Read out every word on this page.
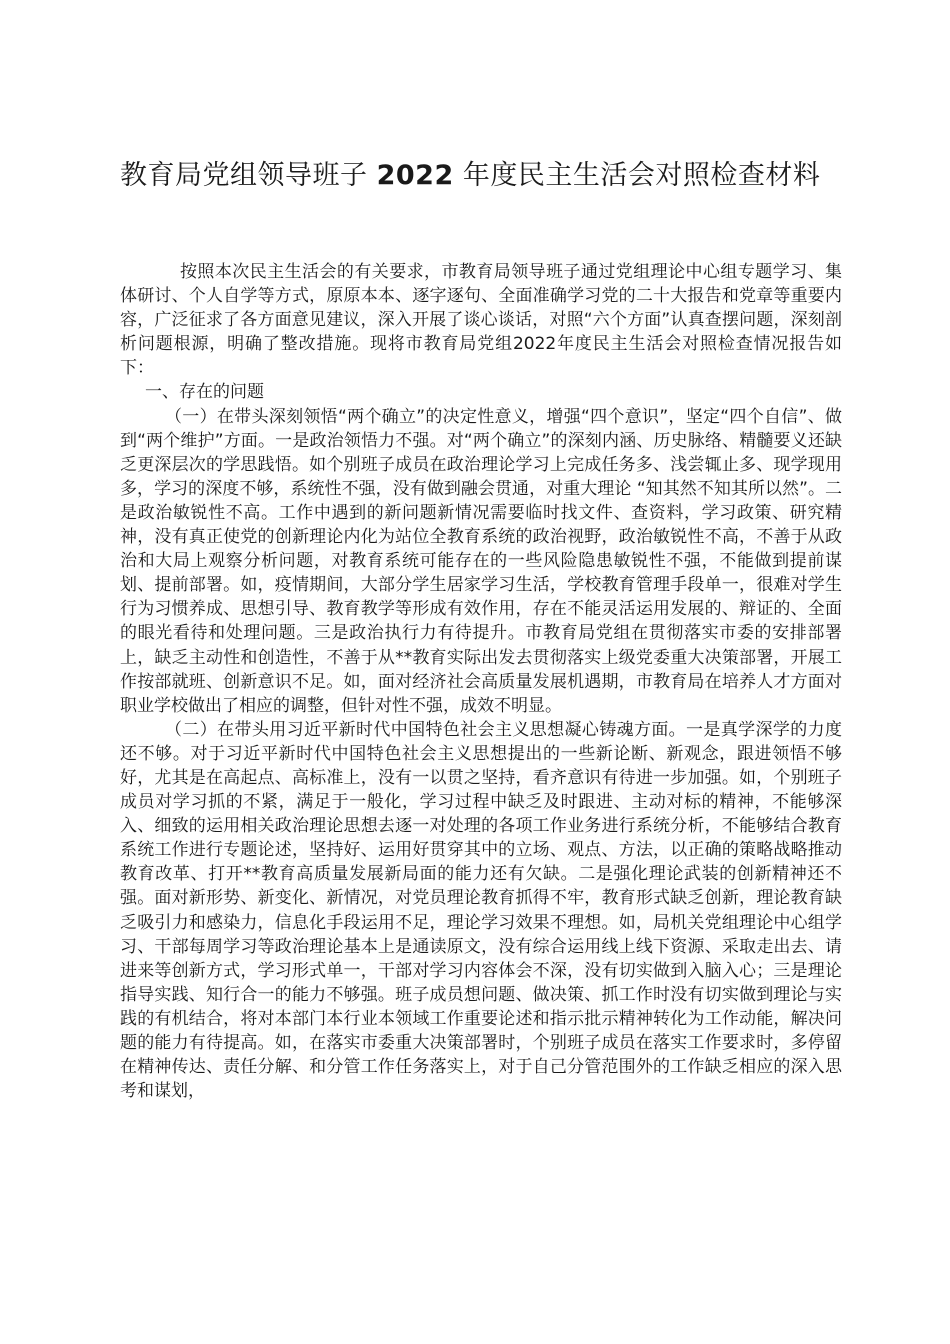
教育局党组领导班子 2022 年度民主生活会对照检查材料

按照本次民主生活会的有关要求，市教育局领导班子通过党组理论中心组专题学习、集体研讨、个人自学等方式，原原本本、逐字逐句、全面准确学习党的二十大报告和党章等重要内容，广泛征求了各方面意见建议，深入开展了谈心谈话，对照“六个方面”认真查摆问题，深刻剖析问题根源，明确了整改措施。现将市教育局党组2022年度民主生活会对照检查情况报告如下：

一、存在的问题

（一）在带头深刻领悟“两个确立”的决定性意义，增强“四个意识”，坚定“四个自信”、做到“两个维护”方面。一是政治领悟力不强。对“两个确立”的深刻内涵、历史脉络、精髓要义还缺乏更深层次的学思践悟。如个别班子成员在政治理论学习上完成任务多、浅尝辄止多、现学现用多，学习的深度不够，系统性不强，没有做到融会贯通，对重大理论 “知其然不知其所以然”。二是政治敏锐性不高。工作中遇到的新问题新情况需要临时找文件、查资料，学习政策、研究精神，没有真正使党的创新理论内化为站位全教育系统的政治视野，政治敏锐性不高，不善于从政治和大局上观察分析问题，对教育系统可能存在的一些风险隐患敏锐性不强，不能做到提前谋划、提前部署。如，疫情期间，大部分学生居家学习生活，学校教育管理手段单一，很难对学生行为习惯养成、思想引导、教育教学等形成有效作用，存在不能灵活运用发展的、辩证的、全面的眼光看待和处理问题。三是政治执行力有待提升。市教育局党组在贯彻落实市委的安排部署上，缺乏主动性和创造性，不善于从**教育实际出发去贯彻落实上级党委重大决策部署，开展工作按部就班、创新意识不足。如，面对经济社会高质量发展机遇期，市教育局在培养人才方面对职业学校做出了相应的调整，但针对性不强，成效不明显。

（二）在带头用习近平新时代中国特色社会主义思想凝心铸魂方面。一是真学深学的力度还不够。对于习近平新时代中国特色社会主义思想提出的一些新论断、新观念，跟进领悟不够好，尤其是在高起点、高标准上，没有一以贯之坚持，看齐意识有待进一步加强。如，个别班子成员对学习抓的不紧，满足于一般化，学习过程中缺乏及时跟进、主动对标的精神，不能够深入、细致的运用相关政治理论思想去逐一对处理的各项工作业务进行系统分析，不能够结合教育系统工作进行专题论述，坚持好、运用好贯穿其中的立场、观点、方法，以正确的策略战略推动教育改革、打开**教育高质量发展新局面的能力还有欠缺。二是强化理论武装的创新精神还不强。面对新形势、新变化、新情况，对党员理论教育抓得不牢，教育形式缺乏创新，理论教育缺乏吸引力和感染力，信息化手段运用不足，理论学习效果不理想。如，局机关党组理论中心组学习、干部每周学习等政治理论基本上是通读原文，没有综合运用线上线下资源、采取走出去、请进来等创新方式，学习形式单一，干部对学习内容体会不深，没有切实做到入脑入心；三是理论指导实践、知行合一的能力不够强。班子成员想问题、做决策、抓工作时没有切实做到理论与实践的有机结合，将对本部门本行业本领域工作重要论述和指示批示精神转化为工作动能，解决问题的能力有待提高。如，在落实市委重大决策部署时，个别班子成员在落实工作要求时，多停留在精神传达、责任分解、和分管工作任务落实上，对于自己分管范围外的工作缺乏相应的深入思考和谋划，
